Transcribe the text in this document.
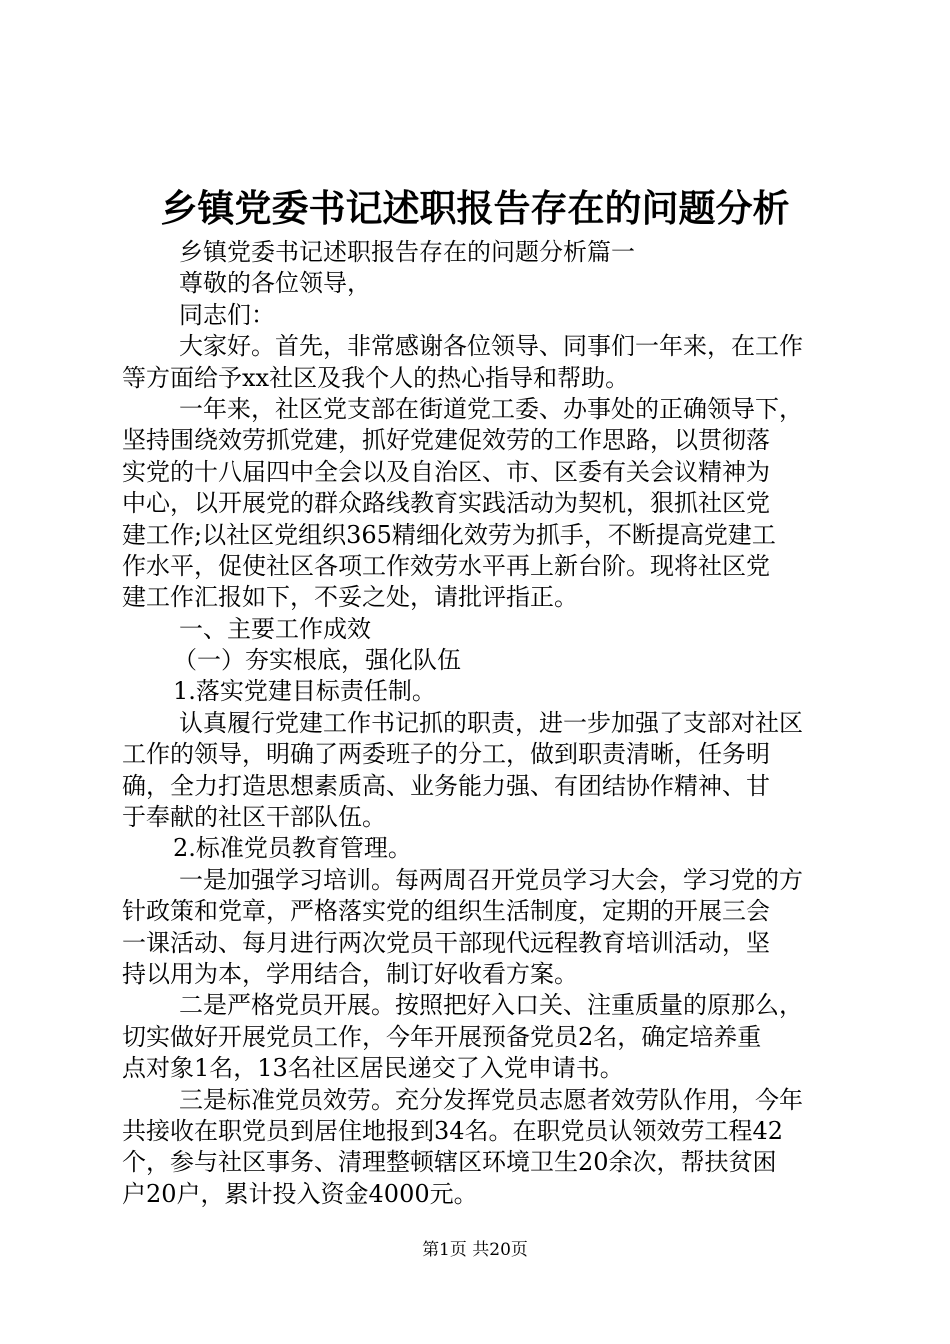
乡镇党委书记述职报告存在的问题分析
乡镇党委书记述职报告存在的问题分析篇一
尊敬的各位领导，
同志们：
大家好。首先，非常感谢各位领导、同事们一年来，在工作
等方面给予xx社区及我个人的热心指导和帮助。
一年来，社区党支部在街道党工委、办事处的正确领导下，
坚持围绕效劳抓党建，抓好党建促效劳的工作思路，以贯彻落
实党的十八届四中全会以及自治区、市、区委有关会议精神为
中心，以开展党的群众路线教育实践活动为契机，狠抓社区党
建工作;以社区党组织365精细化效劳为抓手，不断提高党建工
作水平，促使社区各项工作效劳水平再上新台阶。现将社区党
建工作汇报如下，不妥之处，请批评指正。
一、主要工作成效
（一）夯实根底，强化队伍
1.落实党建目标责任制。
认真履行党建工作书记抓的职责，进一步加强了支部对社区
工作的领导，明确了两委班子的分工，做到职责清晰，任务明
确，全力打造思想素质高、业务能力强、有团结协作精神、甘
于奉献的社区干部队伍。
2.标准党员教育管理。
一是加强学习培训。每两周召开党员学习大会，学习党的方
针政策和党章，严格落实党的组织生活制度，定期的开展三会
一课活动、每月进行两次党员干部现代远程教育培训活动，坚
持以用为本，学用结合，制订好收看方案。
二是严格党员开展。按照把好入口关、注重质量的原那么，
切实做好开展党员工作，今年开展预备党员2名，确定培养重
点对象1名，13名社区居民递交了入党申请书。
三是标准党员效劳。充分发挥党员志愿者效劳队作用，今年
共接收在职党员到居住地报到34名。在职党员认领效劳工程42
个，参与社区事务、清理整顿辖区环境卫生20余次，帮扶贫困
户20户，累计投入资金4000元。
第1页 共20页
